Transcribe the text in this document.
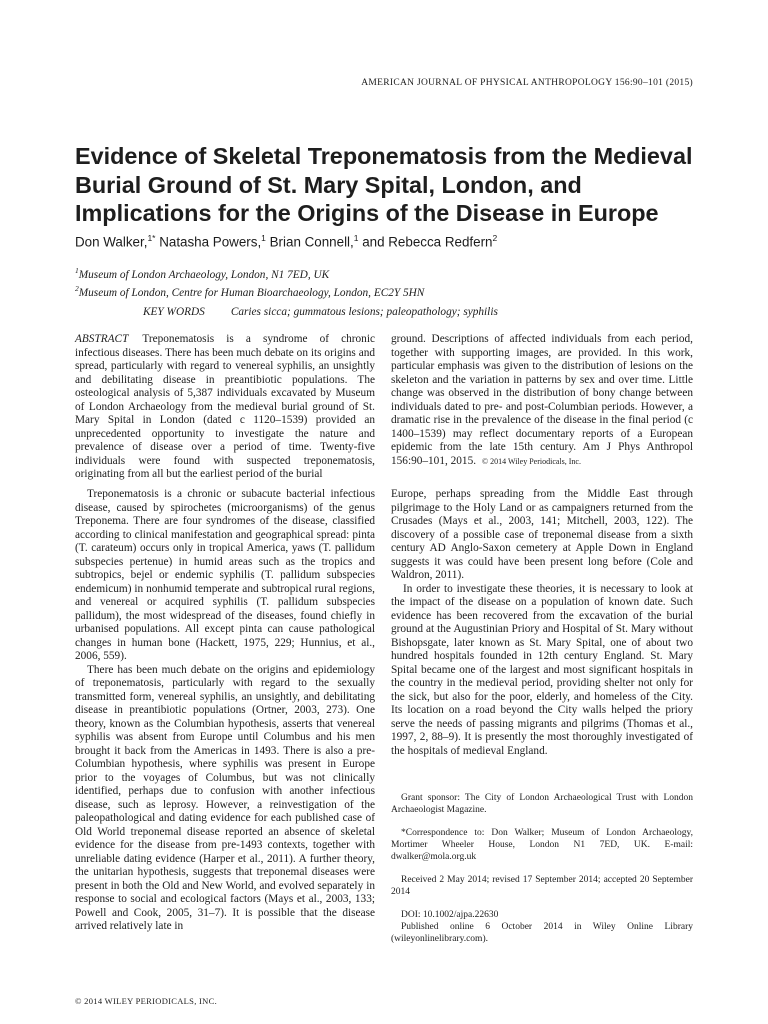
AMERICAN JOURNAL OF PHYSICAL ANTHROPOLOGY 156:90–101 (2015)
Evidence of Skeletal Treponematosis from the Medieval Burial Ground of St. Mary Spital, London, and Implications for the Origins of the Disease in Europe
Don Walker,$^{1*}$ Natasha Powers,$^1$ Brian Connell,$^1$ and Rebecca Redfern$^2$
$^1$Museum of London Archaeology, London, N1 7ED, UK
$^2$Museum of London, Centre for Human Bioarchaeology, London, EC2Y 5HN
KEY WORDS Caries sicca; gummatous lesions; paleopathology; syphilis

ABSTRACT Treponematosis is a syndrome of chronic infectious diseases. There has been much debate on its origins and spread, particularly with regard to venereal syphilis, an unsightly and debilitating disease in preantibiotic populations. The osteological analysis of 5,387 individuals excavated by Museum of London Archaeology from the medieval burial ground of St. Mary Spital in London (dated c 1120–1539) provided an unprecedented opportunity to investigate the nature and prevalence of disease over a period of time. Twenty-five individuals were found with suspected treponematosis, originating from all but the earliest period of the burial

ground. Descriptions of affected individuals from each period, together with supporting images, are provided. In this work, particular emphasis was given to the distribution of lesions on the skeleton and the variation in patterns by sex and over time. Little change was observed in the distribution of bony change between individuals dated to pre- and post-Columbian periods. However, a dramatic rise in the prevalence of the disease in the final period (c 1400–1539) may reflect documentary reports of a European epidemic from the late 15th century. Am J Phys Anthropol 156:90–101, 2015. © 2014 Wiley Periodicals, Inc.

Treponematosis is a chronic or subacute bacterial infectious disease, caused by spirochetes (microorganisms) of the genus Treponema. There are four syndromes of the disease, classified according to clinical manifestation and geographical spread: pinta (T. carateum) occurs only in tropical America, yaws (T. pallidum subspecies pertenue) in humid areas such as the tropics and subtropics, bejel or endemic syphilis (T. pallidum subspecies endemicum) in nonhumid temperate and subtropical rural regions, and venereal or acquired syphilis (T. pallidum subspecies pallidum), the most widespread of the diseases, found chiefly in urbanised populations. All except pinta can cause pathological changes in human bone (Hackett, 1975, 229; Hunnius, et al., 2006, 559).

There has been much debate on the origins and epidemiology of treponematosis, particularly with regard to the sexually transmitted form, venereal syphilis, an unsightly, and debilitating disease in preantibiotic populations (Ortner, 2003, 273). One theory, known as the Columbian hypothesis, asserts that venereal syphilis was absent from Europe until Columbus and his men brought it back from the Americas in 1493. There is also a pre-Columbian hypothesis, where syphilis was present in Europe prior to the voyages of Columbus, but was not clinically identified, perhaps due to confusion with another infectious disease, such as leprosy. However, a reinvestigation of the paleopathological and dating evidence for each published case of Old World treponemal disease reported an absence of skeletal evidence for the disease from pre-1493 contexts, together with unreliable dating evidence (Harper et al., 2011). A further theory, the unitarian hypothesis, suggests that treponemal diseases were present in both the Old and New World, and evolved separately in response to social and ecological factors (Mays et al., 2003, 133; Powell and Cook, 2005, 31–7). It is possible that the disease arrived relatively late in

Europe, perhaps spreading from the Middle East through pilgrimage to the Holy Land or as campaigners returned from the Crusades (Mays et al., 2003, 141; Mitchell, 2003, 122). The discovery of a possible case of treponemal disease from a sixth century AD Anglo-Saxon cemetery at Apple Down in England suggests it was could have been present long before (Cole and Waldron, 2011).

In order to investigate these theories, it is necessary to look at the impact of the disease on a population of known date. Such evidence has been recovered from the excavation of the burial ground at the Augustinian Priory and Hospital of St. Mary without Bishopsgate, later known as St. Mary Spital, one of about two hundred hospitals founded in 12th century England. St. Mary Spital became one of the largest and most significant hospitals in the country in the medieval period, providing shelter not only for the sick, but also for the poor, elderly, and homeless of the City. Its location on a road beyond the City walls helped the priory serve the needs of passing migrants and pilgrims (Thomas et al., 1997, 2, 88–9). It is presently the most thoroughly investigated of the hospitals of medieval England.

Grant sponsor: The City of London Archaeological Trust with London Archaeologist Magazine.

*Correspondence to: Don Walker; Museum of London Archaeology, Mortimer Wheeler House, London N1 7ED, UK. E-mail: dwalker@mola.org.uk

Received 2 May 2014; revised 17 September 2014; accepted 20 September 2014

DOI: 10.1002/ajpa.22630

Published online 6 October 2014 in Wiley Online Library (wileyonlinelibrary.com).

© 2014 WILEY PERIODICALS, INC.
